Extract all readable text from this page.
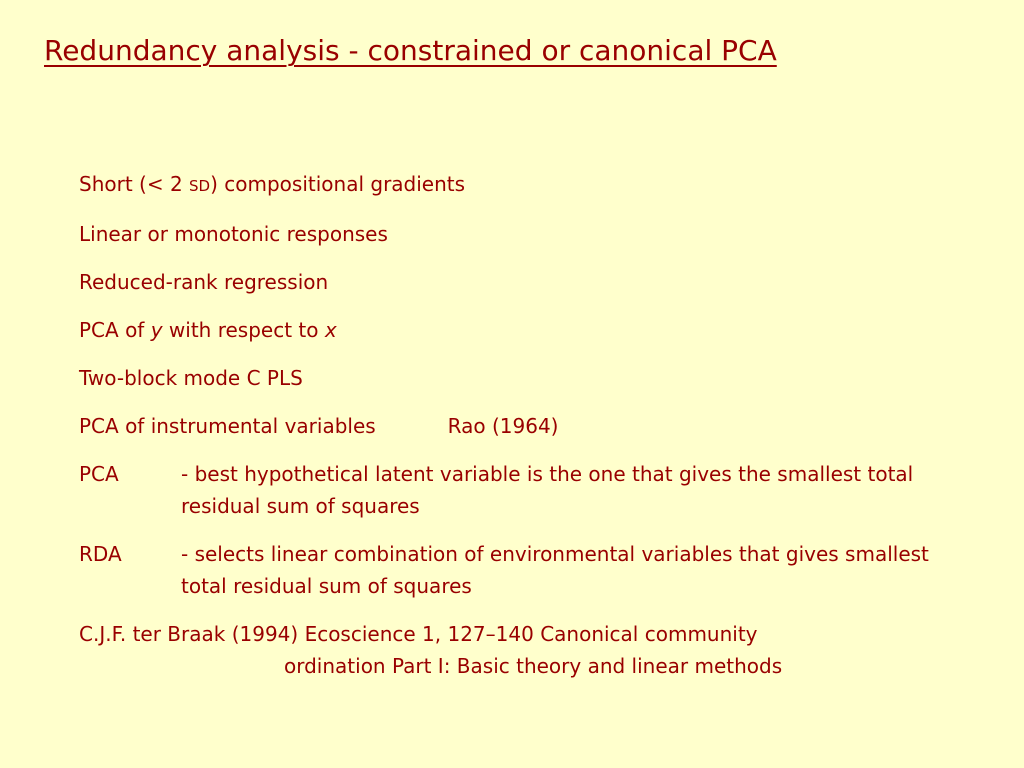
Redundancy analysis - constrained or canonical PCA
Short (< 2 SD) compositional gradients
Linear or monotonic responses
Reduced-rank regression
PCA of y with respect to x
Two-block mode C PLS
PCA of instrumental variables	Rao (1964)
PCA	- best hypothetical latent variable is the one that gives the smallest total residual sum of squares
RDA	- selects linear combination of environmental variables that gives smallest total residual sum of squares
C.J.F. ter Braak (1994) Ecoscience 1, 127–140 Canonical community
ordination Part I: Basic theory and linear methods
